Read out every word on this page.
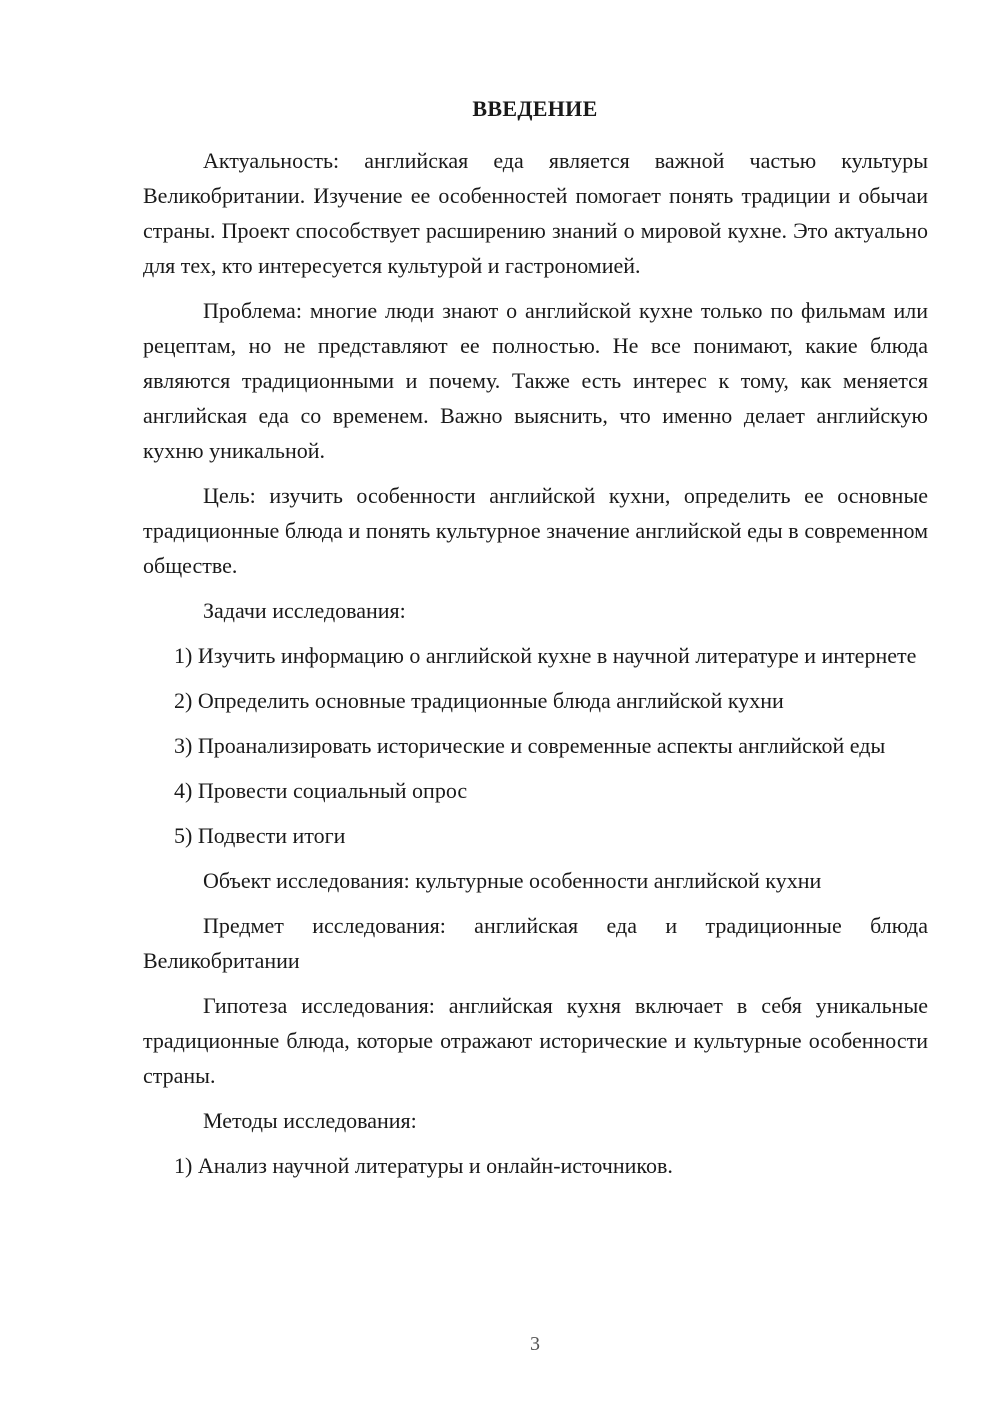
ВВЕДЕНИЕ

Актуальность: английская еда является важной частью культуры Великобритании. Изучение ее особенностей помогает понять традиции и обычаи страны. Проект способствует расширению знаний о мировой кухне. Это актуально для тех, кто интересуется культурой и гастрономией.

Проблема: многие люди знают о английской кухне только по фильмам или рецептам, но не представляют ее полностью. Не все понимают, какие блюда являются традиционными и почему. Также есть интерес к тому, как меняется английская еда со временем. Важно выяснить, что именно делает английскую кухню уникальной.

Цель: изучить особенности английской кухни, определить ее основные традиционные блюда и понять культурное значение английской еды в современном обществе.

Задачи исследования:

1) Изучить информацию о английской кухне в научной литературе и интернете

2) Определить основные традиционные блюда английской кухни

3) Проанализировать исторические и современные аспекты английской еды

4) Провести социальный опрос

5) Подвести итоги

Объект исследования: культурные особенности английской кухни

Предмет исследования: английская еда и традиционные блюда Великобритании

Гипотеза исследования: английская кухня включает в себя уникальные традиционные блюда, которые отражают исторические и культурные особенности страны.

Методы исследования:

1) Анализ научной литературы и онлайн-источников.

3
